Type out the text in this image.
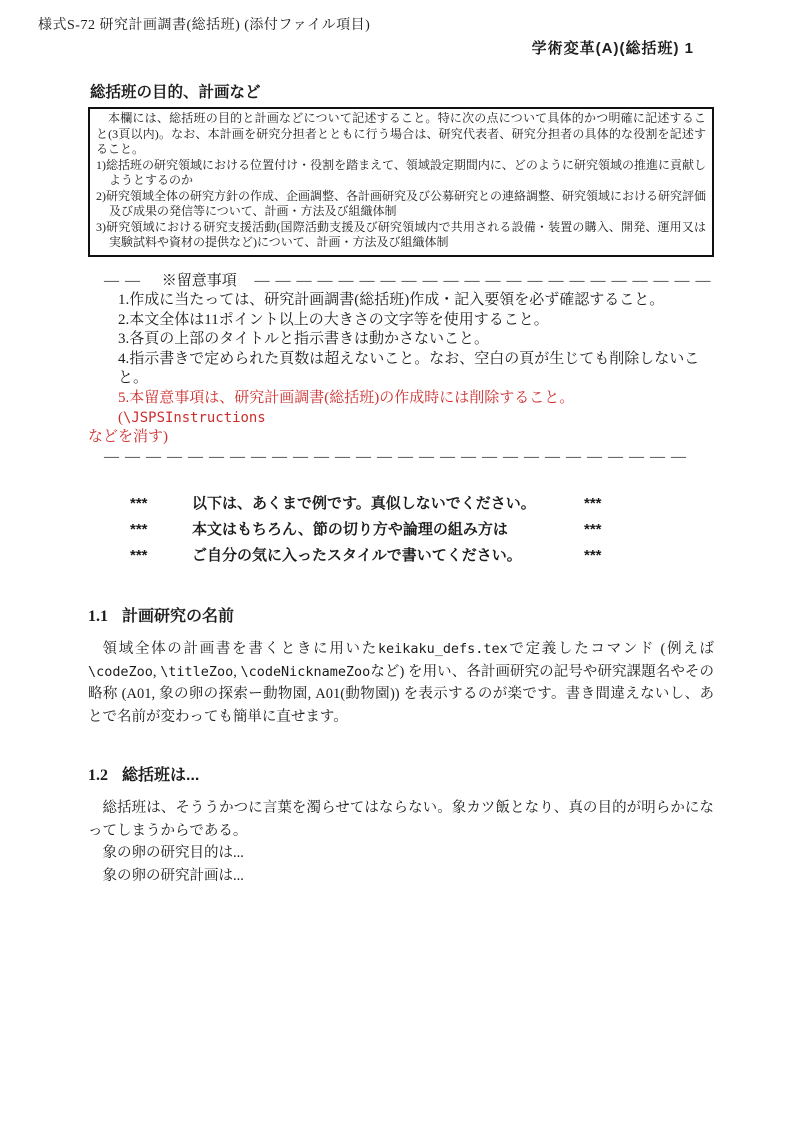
様式S-72 研究計画調書(総括班) (添付ファイル項目)
学術変革(A)(総括班) 1
総括班の目的、計画など

本欄には、総括班の目的と計画などについて記述すること。特に次の点について具体的かつ明確に記述すること(3頁以内)。なお、本計画を研究分担者とともに行う場合は、研究代表者、研究分担者の具体的な役割を記述すること。

1)総括班の研究領域における位置付け・役割を踏まえて、領域設定期間内に、どのように研究領域の推進に貢献しようとするのか
2)研究領域全体の研究方針の作成、企画調整、各計画研究及び公募研究との連絡調整、研究領域における研究評価及び成果の発信等について、計画・方法及び組織体制
3)研究領域における研究支援活動(国際活動支援及び研究領域内で共用される設備・装置の購入、開発、運用又は実験試料や資材の提供など)について、計画・方法及び組織体制
—— ※留意事項 ——————————————————————
1.作成に当たっては、研究計画調書(総括班)作成・記入要領を必ず確認すること。
2.本文全体は11ポイント以上の大きさの文字等を使用すること。
3.各頁の上部のタイトルと指示書きは動かさないこと。
4.指示書きで定められた頁数は超えないこと。なお、空白の頁が生じても削除しないこと。
5.本留意事項は、研究計画調書(総括班)の作成時には削除すること。(\JSPSInstructions
などを消す)
————————————————————————————
***	以下は、あくまで例です。真似しないでください。	***
***	本文はもちろん、節の切り方や論理の組み方は	***
***	ご自分の気に入ったスタイルで書いてください。	***
1.1 計画研究の名前

領域全体の計画書を書くときに用いたkeikaku_defs.texで定義したコマンド (例えば\codeZoo, \titleZoo, \codeNicknameZooなど) を用い、各計画研究の記号や研究課題名やその略称 (A01, 象の卵の探索ー動物園, A01(動物園)) を表示するのが楽です。書き間違えないし、あとで名前が変わっても簡単に直せます。

1.2 総括班は...

総括班は、そううかつに言葉を濁らせてはならない。象カツ飯となり、真の目的が明らかになってしまうからである。

象の卵の研究目的は...

象の卵の研究計画は...
